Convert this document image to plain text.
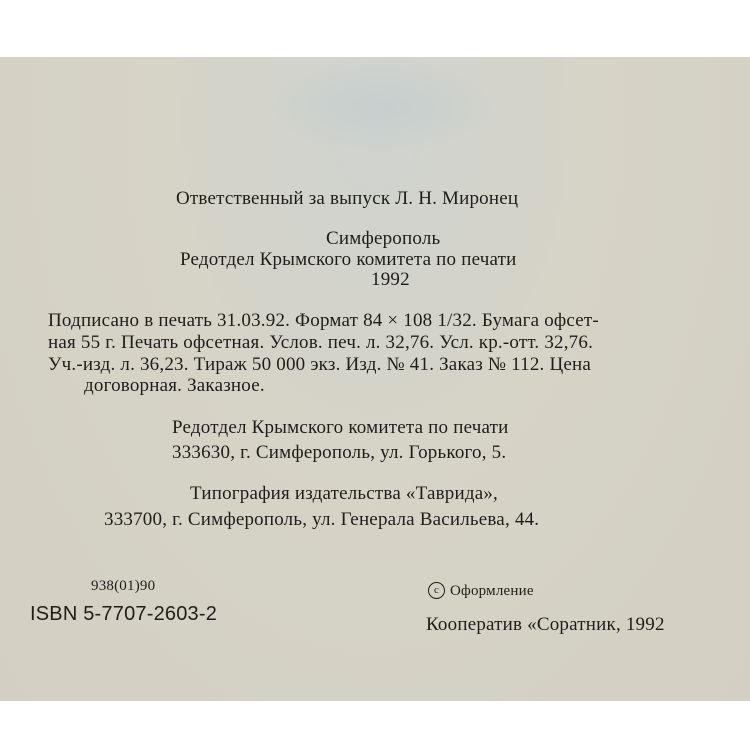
Ответственный за выпуск Л. Н. Миронец
Симферополь
Редотдел Крымского комитета по печати
1992
Подписано в печать 31.03.92. Формат 84 × 108 1/32. Бумага офсет-
ная 55 г. Печать офсетная. Услов. печ. л. 32,76. Усл. кр.-отт. 32,76.
Уч.-изд. л. 36,23. Тираж 50 000 экз. Изд. № 41. Заказ № 112. Цена
договорная. Заказное.
Редотдел Крымского комитета по печати
333630, г. Симферополь, ул. Горького, 5.
Типография издательства «Таврида»,
333700, г. Симферополь, ул. Генерала Васильева, 44.
938(01)90
ISBN 5-7707-2603-2
c Оформление
Кооператив «Соратник, 1992
